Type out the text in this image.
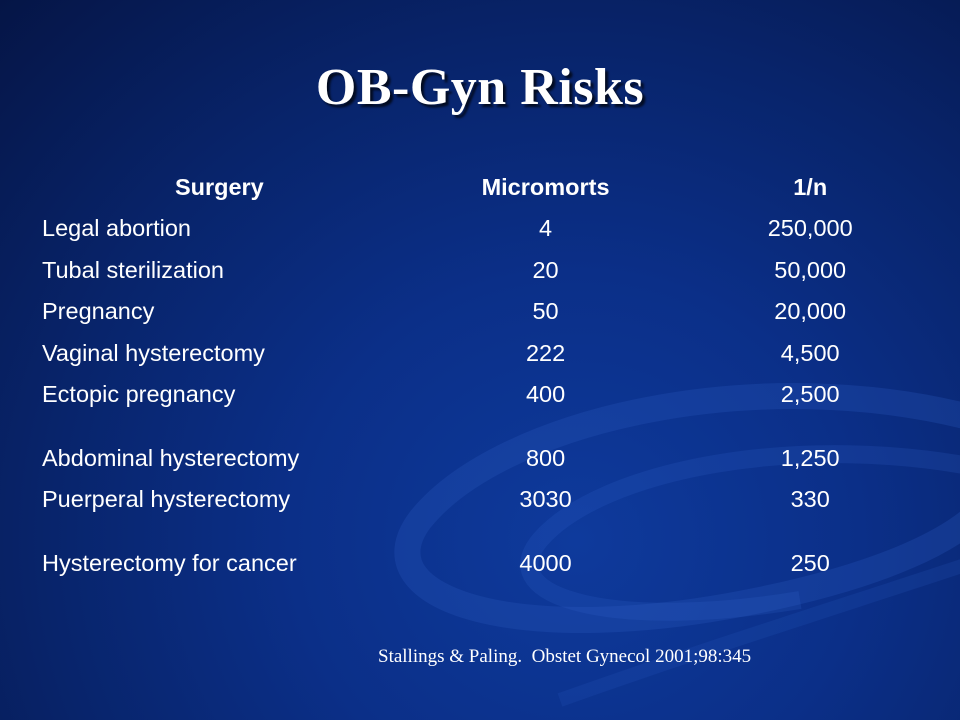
OB-Gyn Risks
Surgery	Micromorts	1/n
Legal abortion	4	250,000
Tubal sterilization	20	50,000
Pregnancy	50	20,000
Vaginal hysterectomy	222	4,500
Ectopic pregnancy	400	2,500

Abdominal hysterectomy	800	1,250
Puerperal hysterectomy	3030	330

Hysterectomy for cancer	4000	250
Stallings & Paling.  Obstet Gynecol 2001;98:345
